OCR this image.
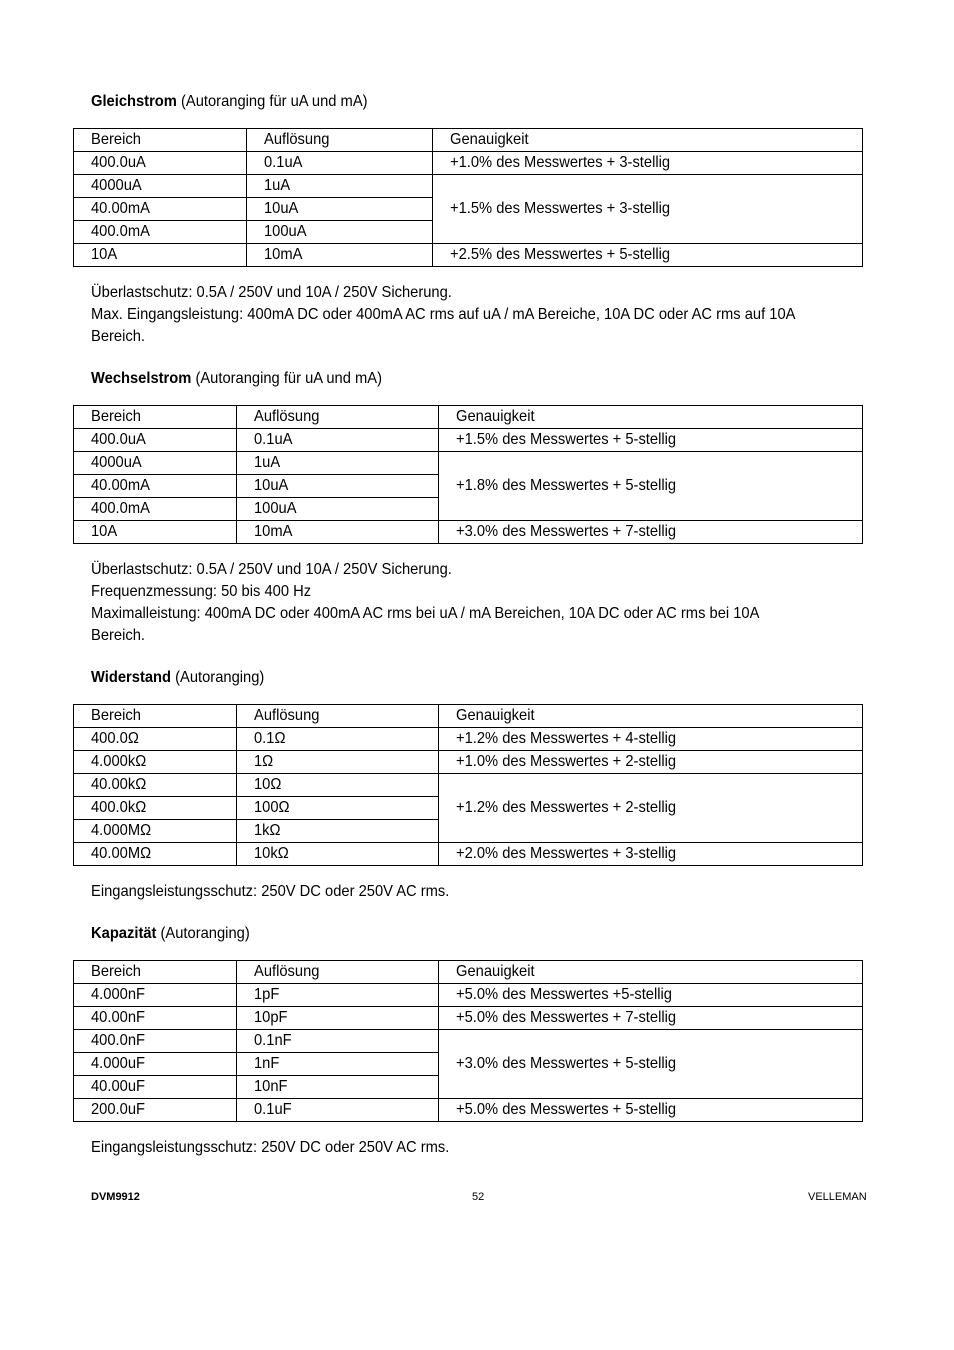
Gleichstrom (Autoranging für uA und mA)
Bereich	Auflösung	Genauigkeit
400.0uA	0.1uA	+1.0% des Messwertes + 3-stellig
4000uA	1uA	+1.5% des Messwertes + 3-stellig
40.00mA	10uA	
400.0mA	100uA	
10A	10mA	+2.5% des Messwertes + 5-stellig

Überlastschutz: 0.5A / 250V und 10A / 250V Sicherung.

Max. Eingangsleistung: 400mA DC oder 400mA AC rms auf uA / mA Bereiche, 10A DC oder AC rms auf 10A

Bereich.

Wechselstrom (Autoranging für uA und mA)
Bereich	Auflösung	Genauigkeit
400.0uA	0.1uA	+1.5% des Messwertes + 5-stellig
4000uA	1uA	+1.8% des Messwertes + 5-stellig
40.00mA	10uA	
400.0mA	100uA	
10A	10mA	+3.0% des Messwertes + 7-stellig

Überlastschutz: 0.5A / 250V und 10A / 250V Sicherung.

Frequenzmessung: 50 bis 400 Hz

Maximalleistung: 400mA DC oder 400mA AC rms bei uA / mA Bereichen, 10A DC oder AC rms bei 10A

Bereich.

Widerstand (Autoranging)
Bereich	Auflösung	Genauigkeit
400.0Ω	0.1Ω	+1.2% des Messwertes + 4-stellig
4.000kΩ	1Ω	+1.0% des Messwertes + 2-stellig
40.00kΩ	10Ω	+1.2% des Messwertes + 2-stellig
400.0kΩ	100Ω	
4.000MΩ	1kΩ	
40.00MΩ	10kΩ	+2.0% des Messwertes + 3-stellig

Eingangsleistungsschutz: 250V DC oder 250V AC rms.

Kapazität (Autoranging)
Bereich	Auflösung	Genauigkeit
4.000nF	1pF	+5.0% des Messwertes +5-stellig
40.00nF	10pF	+5.0% des Messwertes + 7-stellig
400.0nF	0.1nF	+3.0% des Messwertes + 5-stellig
4.000uF	1nF	
40.00uF	10nF	
200.0uF	0.1uF	+5.0% des Messwertes + 5-stellig

Eingangsleistungsschutz: 250V DC oder 250V AC rms.

DVM9912	52	VELLEMAN
